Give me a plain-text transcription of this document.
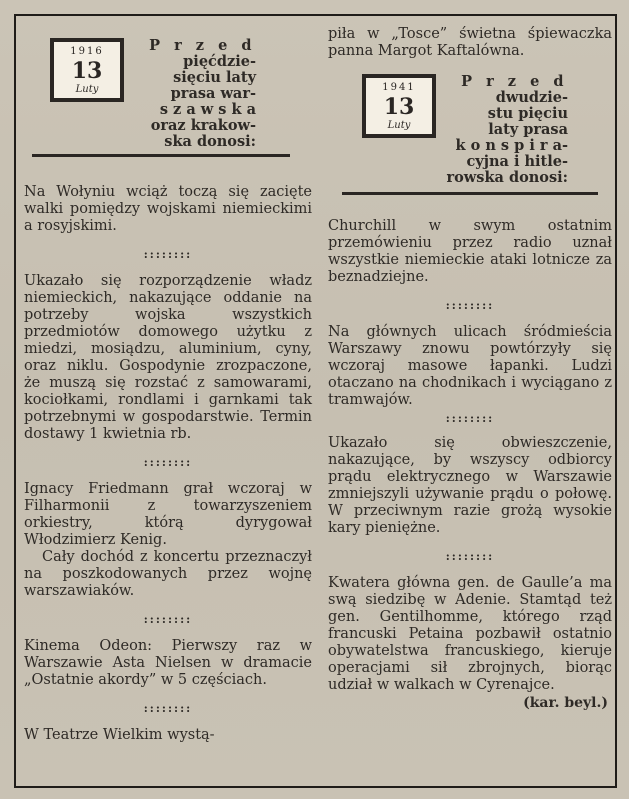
1916
13
Luty
P r z e d
pięćdzie-
sięciu laty
prasa war-
s z a w s k a
oraz krakow-
ska donosi:

Na Wołyniu wciąż toczą się zacięte walki pomiędzy wojskami niemieckimi a rosyjskimi.

::::::::

Ukazało się rozporządzenie władz niemieckich, nakazujące oddanie na potrzeby wojska wszystkich przedmiotów domowego użytku z miedzi, mosiądzu, aluminium, cyny, oraz niklu. Gospodynie zrozpaczone, że muszą się rozstać z samowarami, kociołkami, rondlami i garnkami tak potrzebnymi w gospodarstwie. Termin dostawy 1 kwietnia rb.

::::::::

Ignacy Friedmann grał wczoraj w Filharmonii z towarzyszeniem orkiestry, którą dyrygował Włodzimierz Kenig.

Cały dochód z koncertu przeznaczył na poszkodowanych przez wojnę warszawiaków.

::::::::

Kinema Odeon: Pierwszy raz w Warszawie Asta Nielsen w dramacie „Ostatnie akordy” w 5 częściach.

::::::::

W Teatrze Wielkim wystą-

piła w „Tosce” świetna śpiewaczka panna Margot Kaftalówna.

1941
13
Luty
P r z e d
dwudzie-
stu pięciu
laty prasa
k o n s p i r a-
cyjna i hitle-
rowska donosi:

Churchill w swym ostatnim przemówieniu przez radio uznał wszystkie niemieckie ataki lotnicze za beznadziejne.

::::::::

Na głównych ulicach śródmieścia Warszawy znowu powtórzyły się wczoraj masowe łapanki. Ludzi otaczano na chodnikach i wyciągano z tramwajów.

::::::::

Ukazało się obwieszczenie, nakazujące, by wszyscy odbiorcy prądu elektrycznego w Warszawie zmniejszyli używanie prądu o połowę. W przeciwnym razie grożą wysokie kary pieniężne.

::::::::

Kwatera główna gen. de Gaulle’a ma swą siedzibę w Adenie. Stamtąd też gen. Gentilhomme, którego rząd francuski Petaina pozbawił ostatnio obywatelstwa francuskiego, kieruje operacjami sił zbrojnych, biorąc udział w walkach w Cyrenajce.

(kar. beyl.)
